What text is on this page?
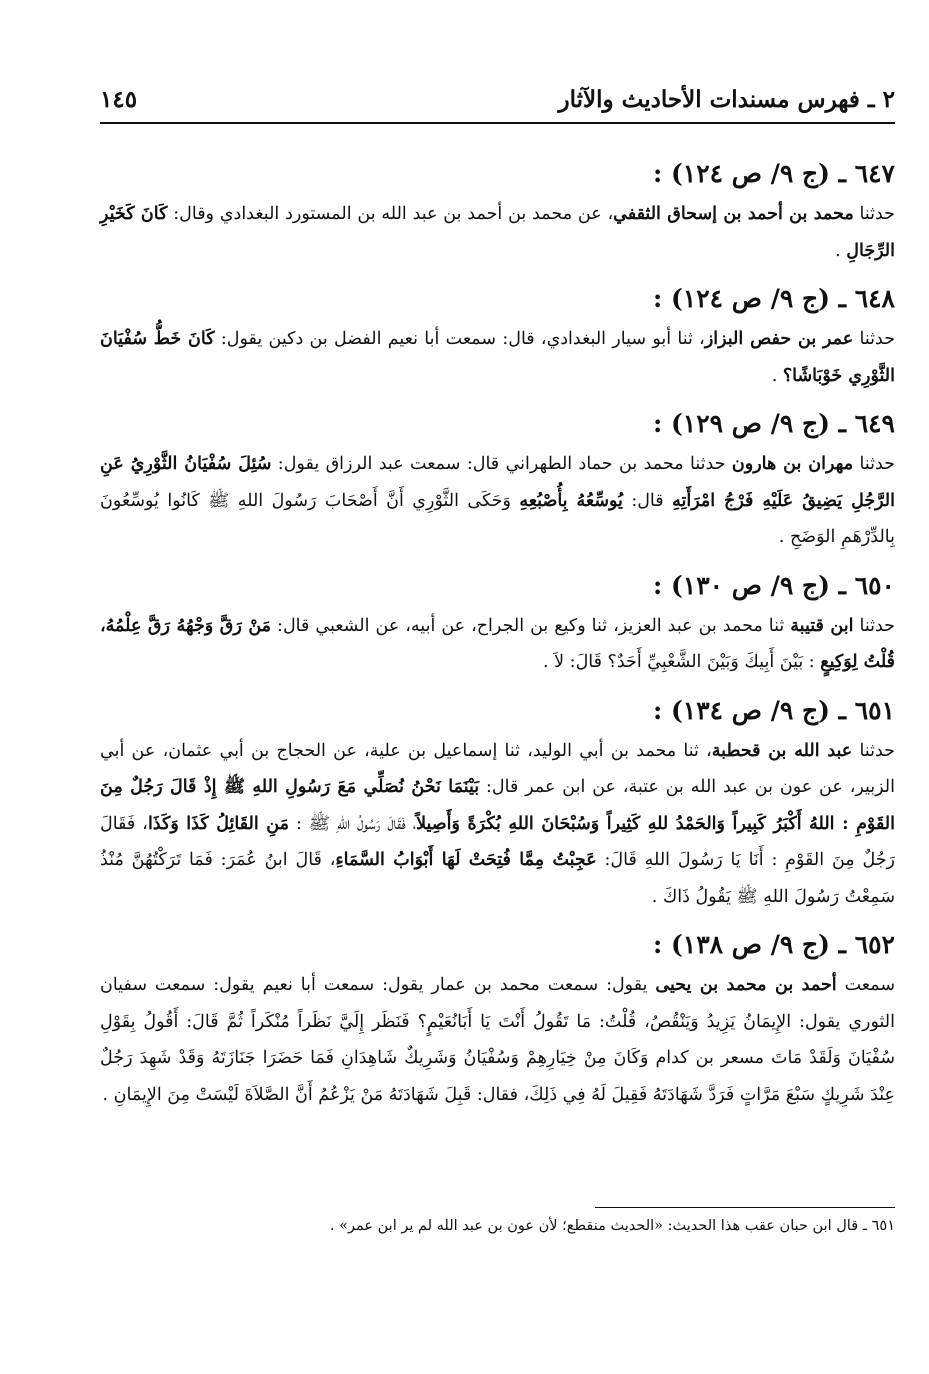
٢ ـ فهرس مسندات الأحاديث والآثار
١٤٥
٦٤٧ ـ (ج ٩/ ص ١٢٤) :
حدثنا محمد بن أحمد بن إسحاق الثقفي، عن محمد بن أحمد بن عبد الله بن المستورد البغدادي وقال: كَانَ كَخَيْرِ الرِّجَالِ .
٦٤٨ ـ (ج ٩/ ص ١٢٤) :
حدثنا عمر بن حفص البزاز، ثنا أبو سيار البغدادي، قال: سمعت أبا نعيم الفضل بن دكين يقول: كَانَ خَطُّ سُفْيَانَ الثَّوْرِي خَوْبَاشًا؟ .
٦٤٩ ـ (ج ٩/ ص ١٢٩) :
حدثنا مهران بن هارون حدثنا محمد بن حماد الطهراني قال: سمعت عبد الرزاق يقول: سُئِلَ سُفْيَانُ الثَّوْرِيُ عَنِ الرَّجُلِ يَضِيقُ عَلَيْهِ فَرْجُ امْرَأَتِهِ قال: يُوسِّعُهُ بِأُصْبُعِهِ وَحَكَى الثَّوْرِي أَنَّ أَصْحَابَ رَسُولَ اللهِ ﷺ كَانُوا يُوسِّعُونَ بِالدِّرْهَمِ الوَضَحِ .
٦٥٠ ـ (ج ٩/ ص ١٣٠) :
حدثنا ابن قتيبة ثنا محمد بن عبد العزيز، ثنا وكيع بن الجراح، عن أبيه، عن الشعبي قال: مَنْ رَقَّ وَجْهُهُ رَقَّ عِلْمُهُ، قُلْتُ لِوَكِيعٍ : بَيْنَ أَبِيكَ وَبَيْنَ الشَّعْبِيِّ أَحَدٌ؟ قَالَ: لاَ .
٦٥١ ـ (ج ٩/ ص ١٣٤) :
حدثنا عبد الله بن قحطبة، ثنا محمد بن أبي الوليد، ثنا إسماعيل بن علية، عن الحجاج بن أبي عثمان، عن أبي الزبير، عن عون بن عبد الله بن عتبة، عن ابن عمر قال: بَيْنَمَا نَحْنُ نُصَلِّي مَعَ رَسُولِ اللهِ ﷺ إِذْ قَالَ رَجُلٌ مِنَ القَوْمِ : اللهُ أَكْبَرُ كَبِيراً وَالحَمْدُ للهِ كَثِيراً وَسُبْحَانَ اللهِ بُكْرَةً وَأَصِيلاً، فَقَالَ رَسُولُ اللهِ ﷺ : مَنِ القَائِلُ كَذَا وَكَذَا، فَقَالَ رَجُلٌ مِنَ القَوْمِ : أَنَا يَا رَسُولَ اللهِ قَالَ: عَجِبْتُ مِمَّا فُتِحَتْ لَهَا أَبْوَابُ السَّمَاءِ، قَالَ ابنُ عُمَرَ: فَمَا تَرَكْتُهُنَّ مُنْذُ سَمِعْتُ رَسُولَ اللهِ ﷺ يَقُولُ ذَاكَ .
٦٥٢ ـ (ج ٩/ ص ١٣٨) :
سمعت أحمد بن محمد بن يحيى يقول: سمعت محمد بن عمار يقول: سمعت أبا نعيم يقول: سمعت سفيان الثوري يقول: الإِيمَانُ يَزِيدُ وَيَنْقُصُ، قُلْتُ: مَا تَقُولُ أَنْتَ يَا أَبَانُعَيْمٍ؟ فَنَظَر إِلَيَّ نَظَراً مُنْكَراً ثُمَّ قَالَ: أَقُولُ بِقَوْلِ سُفْيَانَ وَلَقَدْ مَاتَ مسعر بن كدام وَكَانَ مِنْ خِيَارِهِمْ وَسُفْيَانُ وَشَرِيكٌ شَاهِدَانِ فَمَا حَضَرَا جَنَازَتَهُ وَقَدْ شَهِدَ رَجُلٌ عِنْدَ شَرِيكٍ سَبْعَ مَرَّاتٍ فَرَدَّ شَهَادَتَهُ فَقِيلَ لَهُ فِي ذَلِكَ، فقال: قَبِلَ شَهَادَتَهُ مَنْ يَزْعُمُ أَنَّ الصَّلاَةَ لَيْسَتْ مِنَ الإِيمَانِ .
٦٥١ ـ قال ابن حبان عقب هذا الحديث: «الحديث منقطع؛ لأن عون بن عبد الله لم ير ابن عمر» .
